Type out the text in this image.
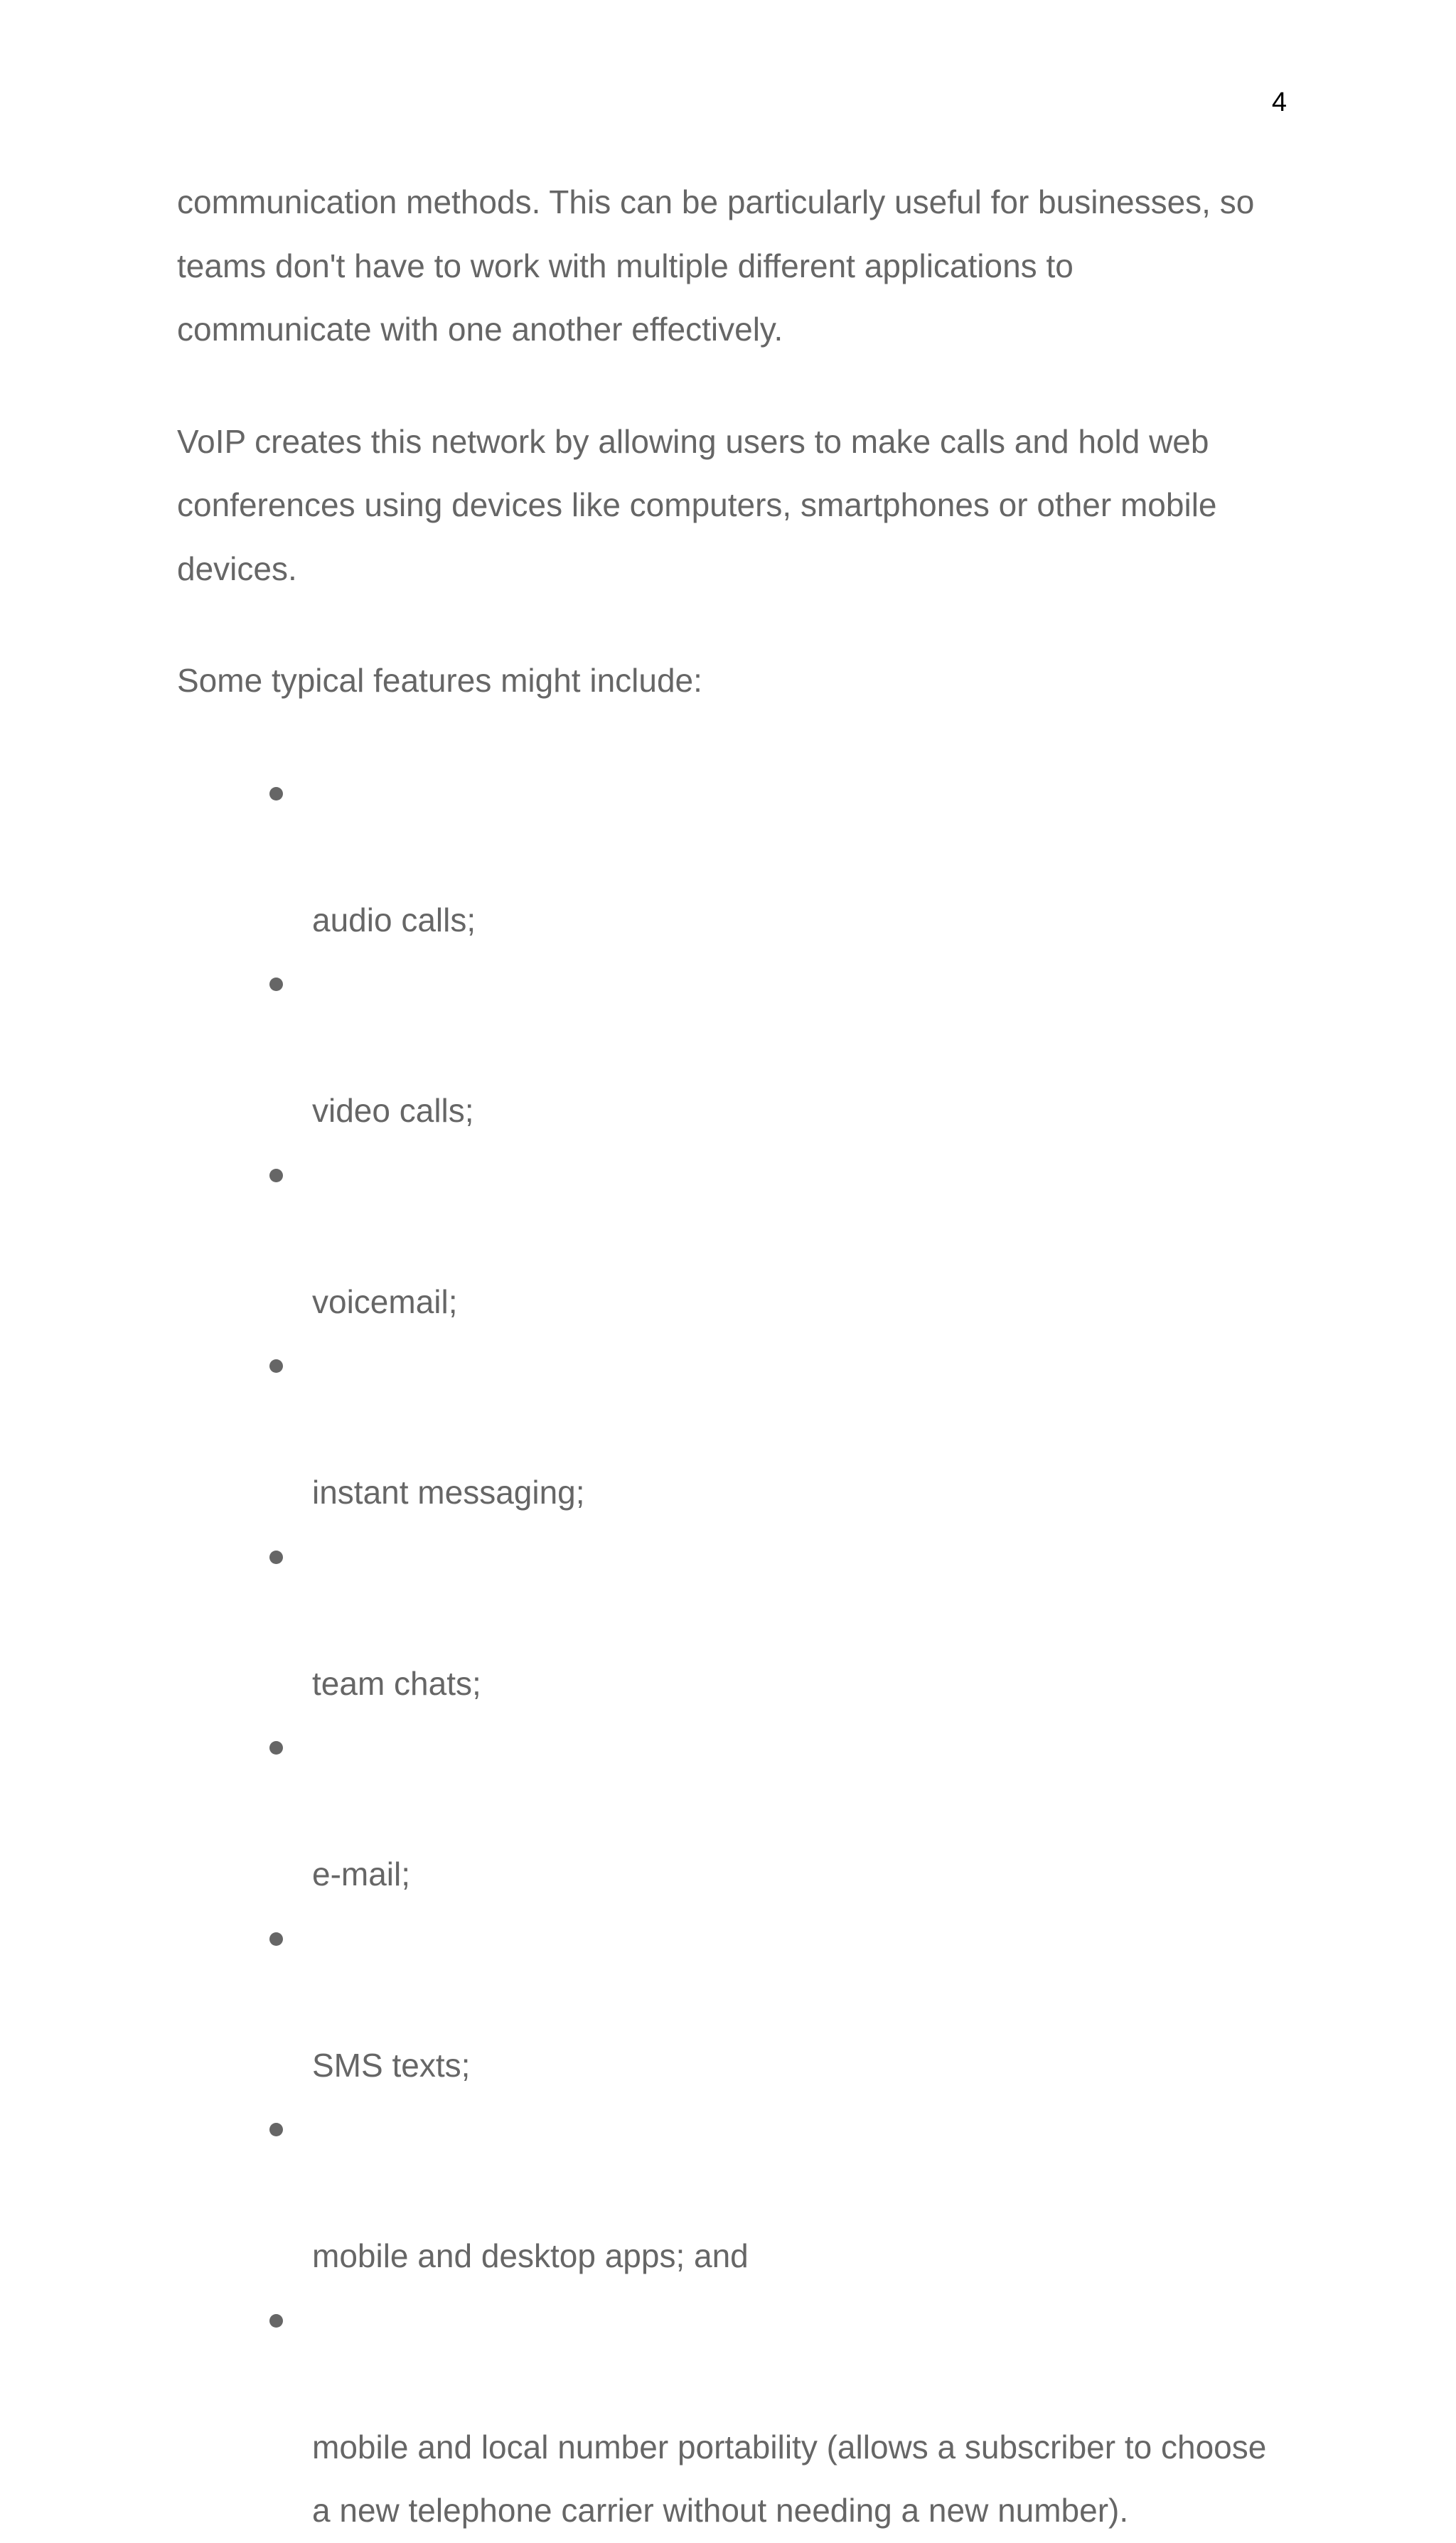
4

communication methods. This can be particularly useful for businesses, so
teams don't have to work with multiple different applications to
communicate with one another effectively.

VoIP creates this network by allowing users to make calls and hold web
conferences using devices like computers, smartphones or other mobile
devices.

Some typical features might include:

audio calls;

video calls;

voicemail;

instant messaging;

team chats;

e-mail;

SMS texts;

mobile and desktop apps; and

mobile and local number portability (allows a subscriber to choose
a new telephone carrier without needing a new number).
